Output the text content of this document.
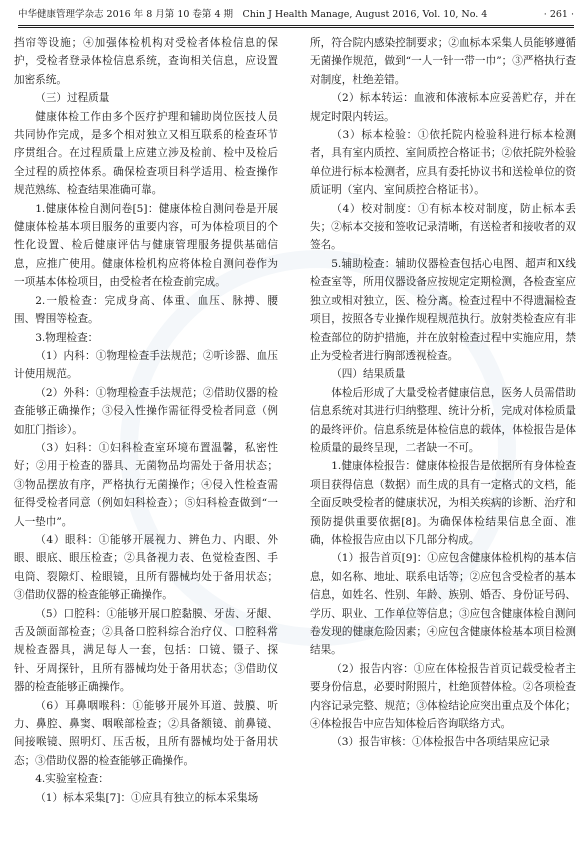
中华健康管理学杂志 2016 年 8 月第 10 卷第 4 期　Chin J Health Manage, August 2016, Vol. 10, No. 4	· 261 ·

挡帘等设施；④加强体检机构对受检者体检信息的保护，受检者登录体检信息系统，查询相关信息，应设置加密系统。

（三）过程质量

健康体检工作由多个医疗护理和辅助岗位医技人员共同协作完成，是多个相对独立又相互联系的检查环节序贯组合。在过程质量上应建立涉及检前、检中及检后全过程的质控体系。确保检查项目科学适用、检查操作规范熟练、检查结果准确可靠。

1.健康体检自测问卷[5]：健康体检自测问卷是开展健康体检基本项目服务的重要内容，可为体检项目的个性化设置、检后健康评估与健康管理服务提供基础信息，应推广使用。健康体检机构应将体检自测问卷作为一项基本体检项目，由受检者在检查前完成。

2.一般检查：完成身高、体重、血压、脉搏、腰围、臀围等检查。

3.物理检查：

（1）内科：①物理检查手法规范；②听诊器、血压计使用规范。

（2）外科：①物理检查手法规范；②借助仪器的检查能够正确操作；③侵入性操作需征得受检者同意（例如肛门指诊）。

（3）妇科：①妇科检查室环境布置温馨，私密性好；②用于检查的器具、无菌物品均需处于备用状态；③物品摆放有序，严格执行无菌操作；④侵入性检查需征得受检者同意（例如妇科检查）；⑤妇科检查做到“一人一垫巾”。

（4）眼科：①能够开展视力、辨色力、内眼、外眼、眼底、眼压检查；②具备视力表、色觉检查图、手电筒、裂隙灯、检眼镜，且所有器械均处于备用状态；③借助仪器的检查能够正确操作。

（5）口腔科：①能够开展口腔黏膜、牙齿、牙龈、舌及颌面部检查；②具备口腔科综合治疗仪、口腔科常规检查器具，满足每人一套，包括：口镜、镊子、探针、牙周探针，且所有器械均处于备用状态；③借助仪器的检查能够正确操作。

（6）耳鼻咽喉科：①能够开展外耳道、鼓膜、听力、鼻腔、鼻窦、咽喉部检查；②具备额镜、前鼻镜、间接喉镜、照明灯、压舌板，且所有器械均处于备用状态；③借助仪器的检查能够正确操作。

4.实验室检查：

（1）标本采集[7]：①应具有独立的标本采集场

所，符合院内感染控制要求；②血标本采集人员能够遵循无菌操作规范，做到“一人一针一带一巾”；③严格执行查对制度，杜绝差错。

（2）标本转运：血液和体液标本应妥善贮存，并在规定时限内转运。

（3）标本检验：①依托院内检验科进行标本检测者，具有室内质控、室间质控合格证书；②依托院外检验单位进行标本检测者，应具有委托协议书和送检单位的资质证明（室内、室间质控合格证书）。

（4）校对制度：①有标本校对制度，防止标本丢失；②标本交接和签收记录清晰，有送检者和接收者的双签名。

5.辅助检查：辅助仪器检查包括心电图、超声和X线检查室等，所用仪器设备应按规定定期检测，各检查室应独立或相对独立，医、检分离。检查过程中不得遗漏检查项目，按照各专业操作规程规范执行。放射类检查应有非检查部位的防护措施，并在放射检查过程中实施应用，禁止为受检者进行胸部透视检查。

（四）结果质量

体检后形成了大量受检者健康信息，医务人员需借助信息系统对其进行归纳整理、统计分析，完成对体检质量的最终评价。信息系统是体检信息的载体，体检报告是体检质量的最终呈现，二者缺一不可。

1.健康体检报告：健康体检报告是依据所有身体检查项目获得信息（数据）而生成的具有一定格式的文档，能全面反映受检者的健康状况，为相关疾病的诊断、治疗和预防提供重要依据[8]。为确保体检结果信息全面、准确，体检报告应由以下几部分构成。

（1）报告首页[9]：①应包含健康体检机构的基本信息，如名称、地址、联系电话等；②应包含受检者的基本信息，如姓名、性别、年龄、族别、婚否、身份证号码、学历、职业、工作单位等信息；③应包含健康体检自测问卷发现的健康危险因素；④应包含健康体检基本项目检测结果。

（2）报告内容：①应在体检报告首页记载受检者主要身份信息，必要时附照片，杜绝顶替体检。②各项检查内容记录完整、规范；③体检结论应突出重点及个体化；④体检报告中应告知体检后咨询联络方式。

（3）报告审核：①体检报告中各项结果应记录
